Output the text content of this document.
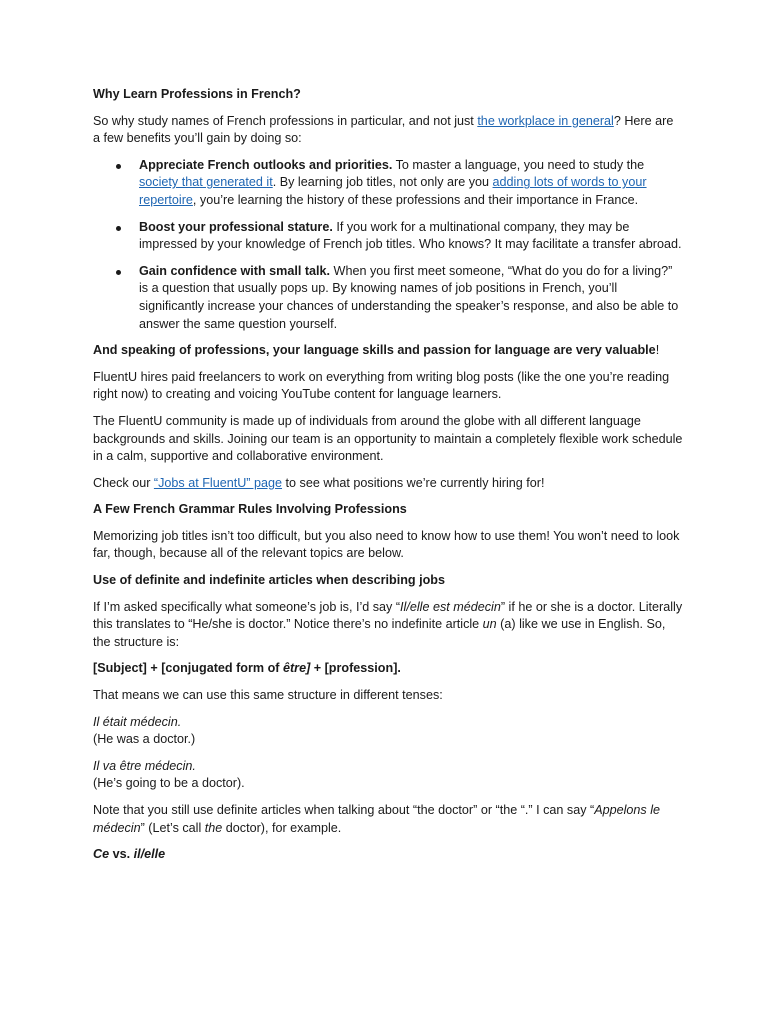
Why Learn Professions in French?

So why study names of French professions in particular, and not just the workplace in general? Here are a few benefits you’ll gain by doing so:

Appreciate French outlooks and priorities. To master a language, you need to study the society that generated it. By learning job titles, not only are you adding lots of words to your repertoire, you’re learning the history of these professions and their importance in France.
Boost your professional stature. If you work for a multinational company, they may be impressed by your knowledge of French job titles. Who knows? It may facilitate a transfer abroad.
Gain confidence with small talk. When you first meet someone, “What do you do for a living?” is a question that usually pops up. By knowing names of job positions in French, you’ll significantly increase your chances of understanding the speaker’s response, and also be able to answer the same question yourself.

And speaking of professions, your language skills and passion for language are very valuable!

FluentU hires paid freelancers to work on everything from writing blog posts (like the one you’re reading right now) to creating and voicing YouTube content for language learners.

The FluentU community is made up of individuals from around the globe with all different language backgrounds and skills. Joining our team is an opportunity to maintain a completely flexible work schedule in a calm, supportive and collaborative environment.

Check our “Jobs at FluentU” page to see what positions we’re currently hiring for!

A Few French Grammar Rules Involving Professions

Memorizing job titles isn’t too difficult, but you also need to know how to use them! You won’t need to look far, though, because all of the relevant topics are below.

Use of definite and indefinite articles when describing jobs

If I’m asked specifically what someone’s job is, I’d say “Il/elle est médecin” if he or she is a doctor. Literally this translates to “He/she is doctor.” Notice there’s no indefinite article un (a) like we use in English. So, the structure is:

[Subject] + [conjugated form of être] + [profession].

That means we can use this same structure in different tenses:

Il était médecin.
(He was a doctor.)
Il va être médecin.
(He’s going to be a doctor).

Note that you still use definite articles when talking about “the doctor” or “the “.” I can say “Appelons le médecin” (Let’s call the doctor), for example.

Ce vs. il/elle
